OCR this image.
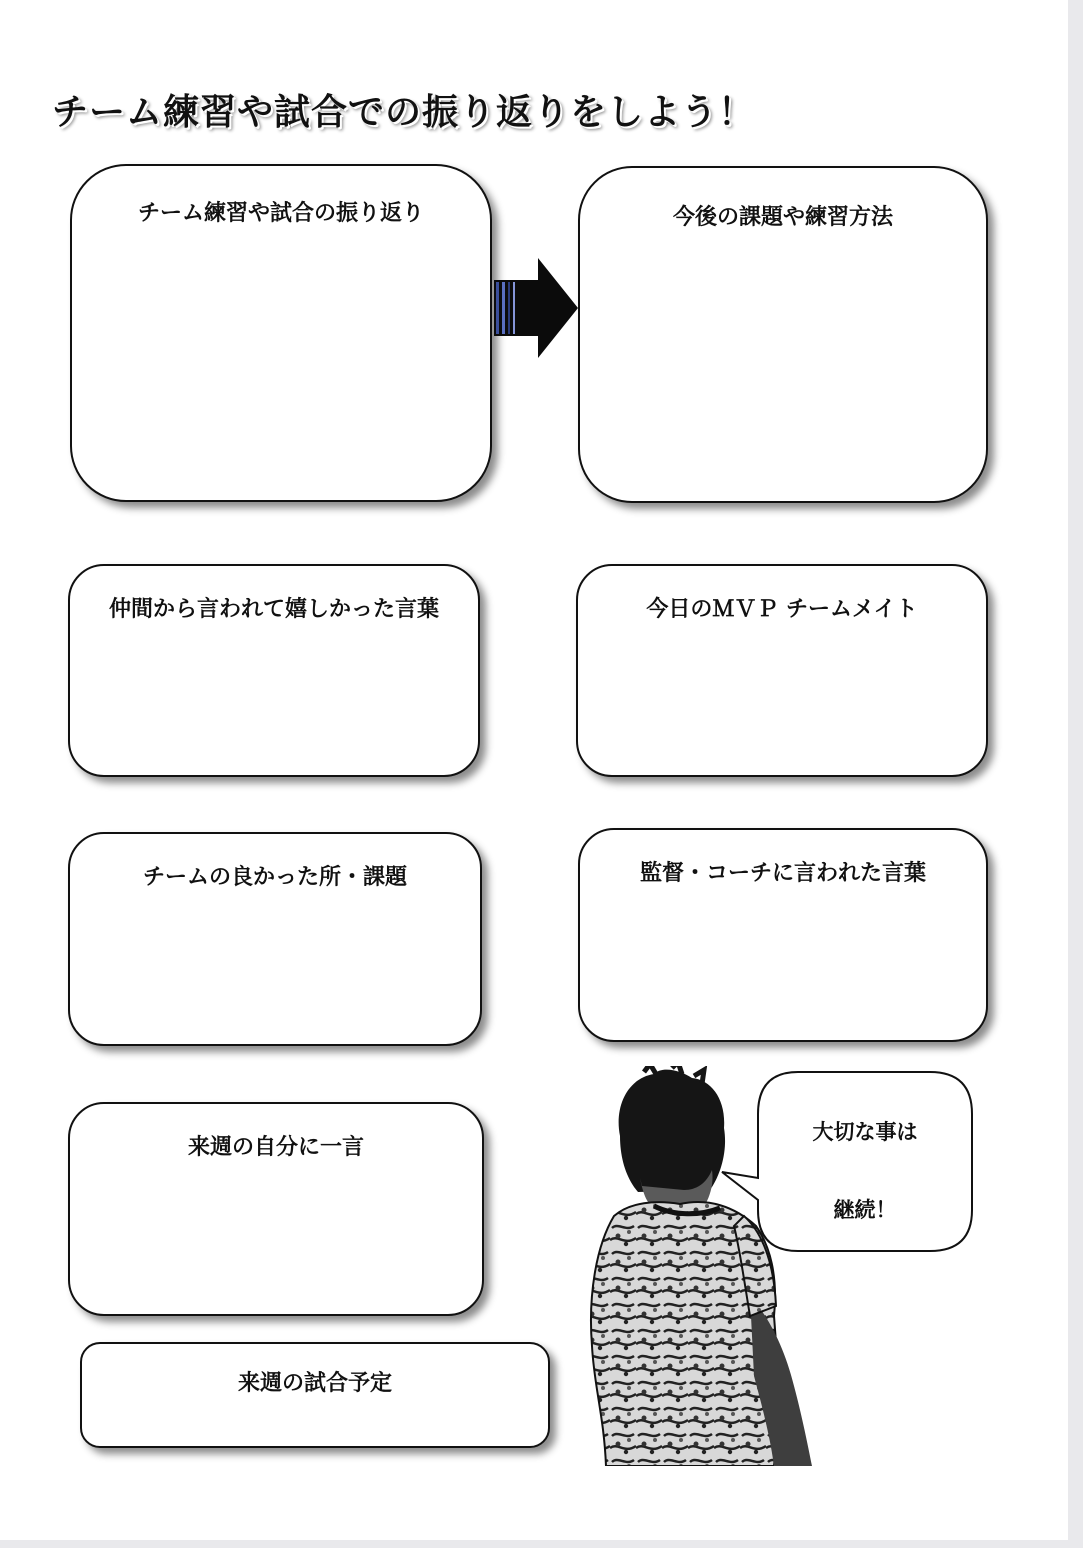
チーム練習や試合での振り返りをしよう！
チーム練習や試合の振り返り	今後の課題や練習方法
仲間から言われて嬉しかった言葉	今日のＭＶＰ チームメイト
チームの良かった所・課題	監督・コーチに言われた言葉
来週の自分に一言
来週の試合予定
大切な事は
継続！
